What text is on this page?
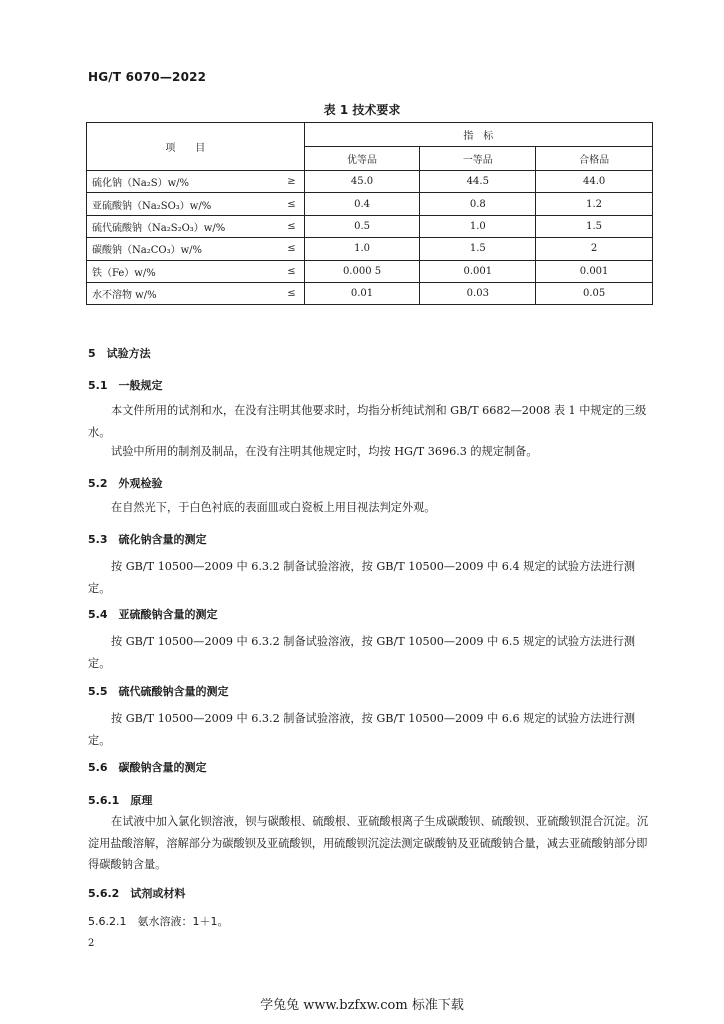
HG/T 6070—2022
表 1 技术要求
项目		指　标		
		优等品	一等品	合格品
硫化钠（Na₂S）w/%	≥	45.0	44.5	44.0
亚硫酸钠（Na₂SO₃）w/%	≤	0.4	0.8	1.2
硫代硫酸钠（Na₂S₂O₃）w/%	≤	0.5	1.0	1.5
碳酸钠（Na₂CO₃）w/%	≤	1.0	1.5	2
铁（Fe）w/%	≤	0.000 5	0.001	0.001
水不溶物 w/%	≤	0.01	0.03	0.05
5　试验方法
5.1　一般规定
本文件所用的试剂和水，在没有注明其他要求时，均指分析纯试剂和 GB/T 6682—2008 表 1 中规定的三级水。
试验中所用的制剂及制品，在没有注明其他规定时，均按 HG/T 3696.3 的规定制备。
5.2　外观检验
在自然光下，于白色衬底的表面皿或白瓷板上用目视法判定外观。
5.3　硫化钠含量的测定
按 GB/T 10500—2009 中 6.3.2 制备试验溶液，按 GB/T 10500—2009 中 6.4 规定的试验方法进行测定。
5.4　亚硫酸钠含量的测定
按 GB/T 10500—2009 中 6.3.2 制备试验溶液，按 GB/T 10500—2009 中 6.5 规定的试验方法进行测定。
5.5　硫代硫酸钠含量的测定
按 GB/T 10500—2009 中 6.3.2 制备试验溶液，按 GB/T 10500—2009 中 6.6 规定的试验方法进行测定。
5.6　碳酸钠含量的测定
5.6.1　原理
在试液中加入氯化钡溶液，钡与碳酸根、硫酸根、亚硫酸根离子生成碳酸钡、硫酸钡、亚硫酸钡混合沉淀。沉淀用盐酸溶解，溶解部分为碳酸钡及亚硫酸钡，用硫酸钡沉淀法测定碳酸钠及亚硫酸钠合量，减去亚硫酸钠部分即得碳酸钠含量。
5.6.2　试剂或材料
5.6.2.1　氨水溶液：1＋1。
2
学兔兔 www.bzfxw.com 标准下载
